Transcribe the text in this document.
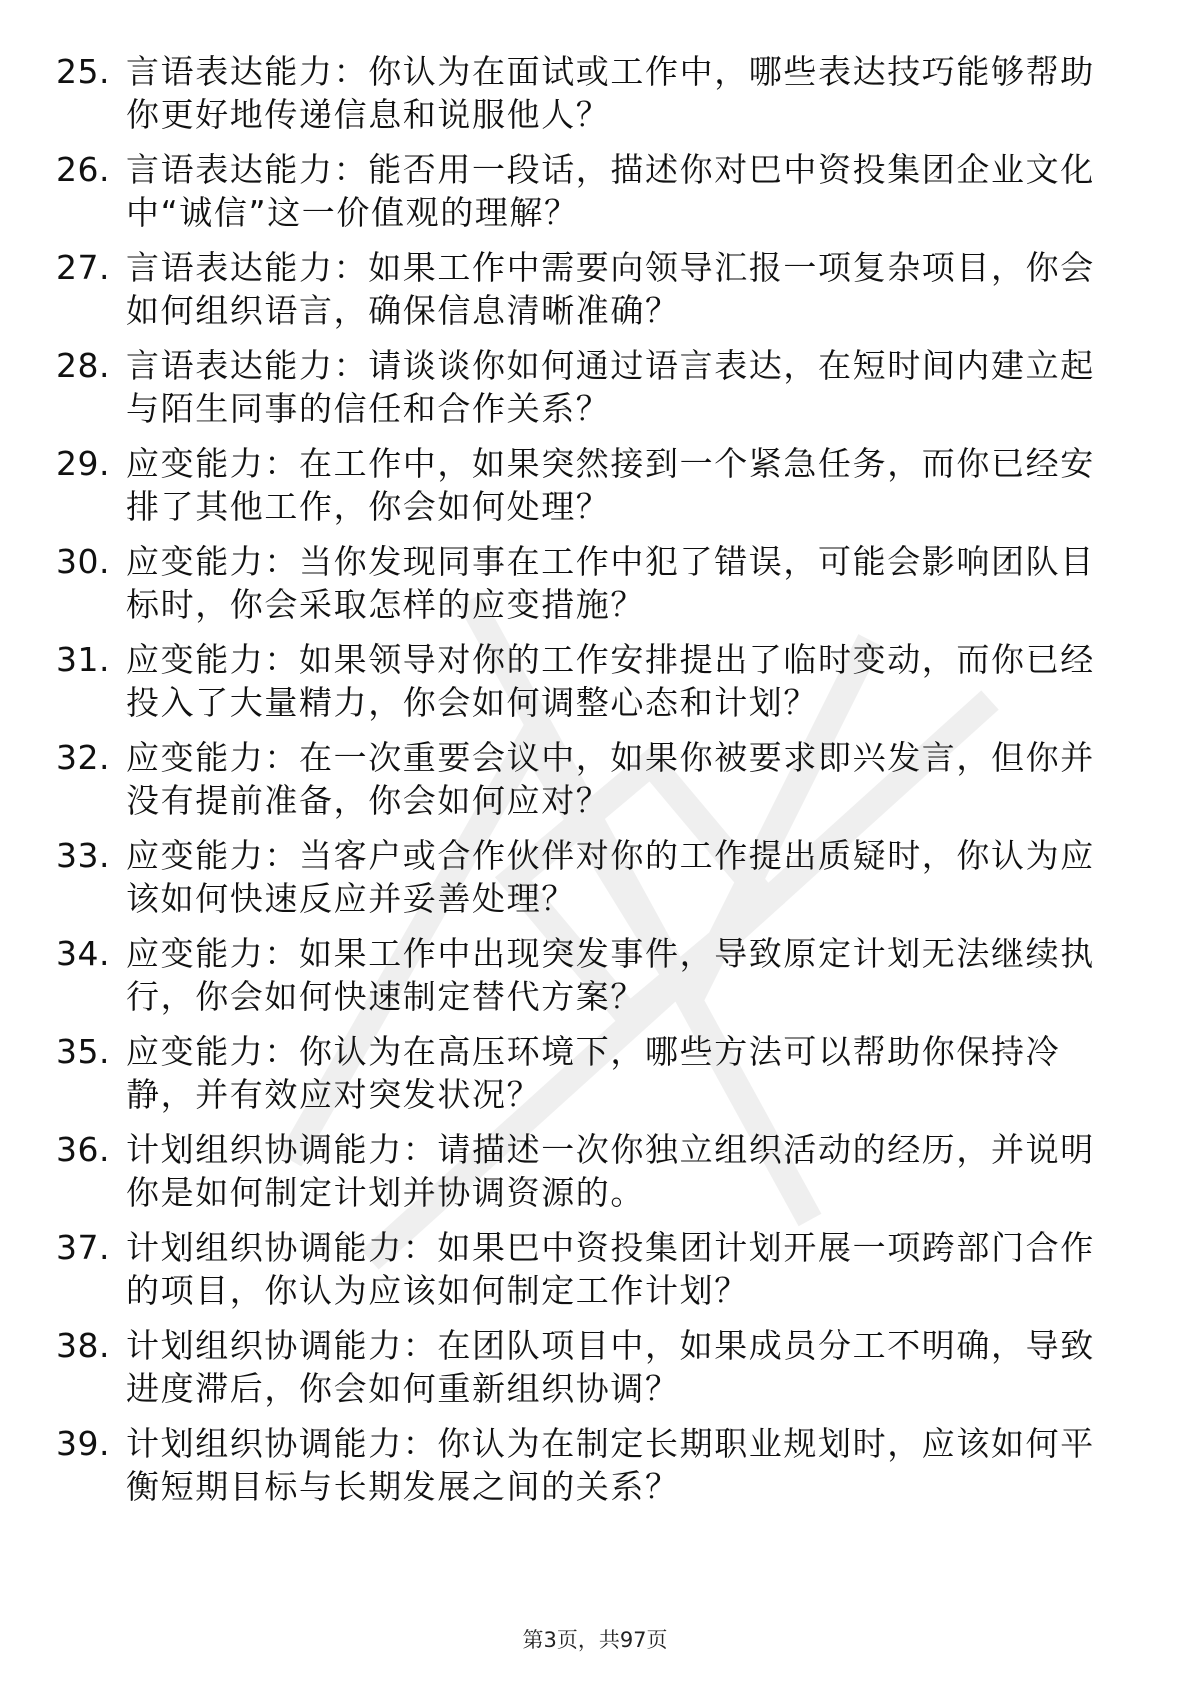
25. 言语表达能力：你认为在面试或工作中，哪些表达技巧能够帮助你更好地传递信息和说服他人？
26. 言语表达能力：能否用一段话，描述你对巴中资投集团企业文化中“诚信”这一价值观的理解？
27. 言语表达能力：如果工作中需要向领导汇报一项复杂项目，你会如何组织语言，确保信息清晰准确？
28. 言语表达能力：请谈谈你如何通过语言表达，在短时间内建立起与陌生同事的信任和合作关系？
29. 应变能力：在工作中，如果突然接到一个紧急任务，而你已经安排了其他工作，你会如何处理？
30. 应变能力：当你发现同事在工作中犯了错误，可能会影响团队目标时，你会采取怎样的应变措施？
31. 应变能力：如果领导对你的工作安排提出了临时变动，而你已经投入了大量精力，你会如何调整心态和计划？
32. 应变能力：在一次重要会议中，如果你被要求即兴发言，但你并没有提前准备，你会如何应对？
33. 应变能力：当客户或合作伙伴对你的工作提出质疑时，你认为应该如何快速反应并妥善处理？
34. 应变能力：如果工作中出现突发事件，导致原定计划无法继续执行，你会如何快速制定替代方案？
35. 应变能力：你认为在高压环境下，哪些方法可以帮助你保持冷静，并有效应对突发状况？
36. 计划组织协调能力：请描述一次你独立组织活动的经历，并说明你是如何制定计划并协调资源的。
37. 计划组织协调能力：如果巴中资投集团计划开展一项跨部门合作的项目，你认为应该如何制定工作计划？
38. 计划组织协调能力：在团队项目中，如果成员分工不明确，导致进度滞后，你会如何重新组织协调？
39. 计划组织协调能力：你认为在制定长期职业规划时，应该如何平衡短期目标与长期发展之间的关系？
第3页，共97页
